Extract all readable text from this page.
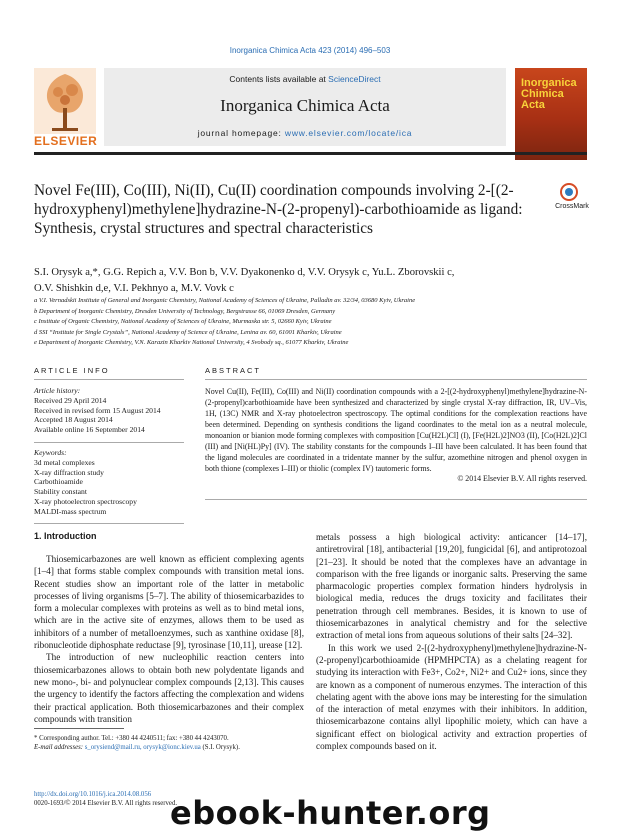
Inorganica Chimica Acta 423 (2014) 496–503
ELSEVIER
Contents lists available at ScienceDirect
Inorganica Chimica Acta
journal homepage: www.elsevier.com/locate/ica
Inorganica Chimica Acta
Novel Fe(III), Co(III), Ni(II), Cu(II) coordination compounds involving 2-[(2-hydroxyphenyl)methylene]hydrazine-N-(2-propenyl)-carbothioamide as ligand: Synthesis, crystal structures and spectral characteristics
CrossMark
S.I. Orysyk a,*, G.G. Repich a, V.V. Bon b, V.V. Dyakonenko d, V.V. Orysyk c, Yu.L. Zborovskii c,
O.V. Shishkin d,e, V.I. Pekhnyo a, M.V. Vovk c
a V.I. Vernadskii Institute of General and Inorganic Chemistry, National Academy of Sciences of Ukraine, Palladin av. 32/34, 03680 Kyiv, Ukraine
b Department of Inorganic Chemistry, Dresden University of Technology, Bergstrasse 66, 01069 Dresden, Germany
c Institute of Organic Chemistry, National Academy of Sciences of Ukraine, Murmaska str. 5, 02660 Kyiv, Ukraine
d SSI “Institute for Single Crystals”, National Academy of Science of Ukraine, Lenina av. 60, 61001 Kharkiv, Ukraine
e Department of Inorganic Chemistry, V.N. Karazin Kharkiv National University, 4 Svobody sq., 61077 Kharkiv, Ukraine
ARTICLE INFO
Article history:
Received 29 April 2014
Received in revised form 15 August 2014
Accepted 18 August 2014
Available online 16 September 2014
Keywords:
3d metal complexes
X-ray diffraction study
Carbothioamide
Stability constant
X-ray photoelectron spectroscopy
MALDI-mass spectrum
ABSTRACT
Novel Cu(II), Fe(III), Co(III) and Ni(II) coordination compounds with a 2-[(2-hydroxyphenyl)methylene]hydrazine-N-(2-propenyl)carbothioamide have been synthesized and characterized by single crystal X-ray diffraction, IR, UV–Vis, 1H, (13C) NMR and X-ray photoelectron spectroscopy. The optimal conditions for the complexation reactions have been determined. Depending on synthesis conditions the ligand coordinates to the metal ion as a neutral molecule, monoanion or bianion mode forming complexes with composition [Cu(H2L)Cl] (I), [Fe(H2L)2]NO3 (II), [Co(H2L)2]Cl (III) and [Ni(HL)Py] (IV). The stability constants for the compounds I–III have been calculated. It has been found that the ligand molecules are coordinated in a tridentate manner by the sulfur, azomethine nitrogen and phenol oxygen in both thione (complexes I–III) or thiolic (complex IV) tautomeric forms.
© 2014 Elsevier B.V. All rights reserved.
1. Introduction

Thiosemicarbazones are well known as efficient complexing agents [1–4] that forms stable complex compounds with transition metal ions. Recent studies show an important role of the latter in metabolic processes of living organisms [5–7]. The ability of thiosemicarbazides to form a molecular complexes with proteins as well as to bind metal ions, which are in the active site of enzymes, allows them to be used as inhibitors of a number of metalloenzymes, such as xanthine oxidase [8], ribonucleotide diphosphate reductase [9], tyrosinase [10,11], urease [12].

The introduction of new nucleophilic reaction centers into thiosemicarbazones allows to obtain both new polydentate ligands and new mono-, bi- and polynuclear complex compounds [2,13]. This causes the urgency to identify the factors affecting the complexation and widens their practical application. Both thiosemicarbazones and their complex compounds with transition

metals possess a high biological activity: anticancer [14–17], antiretroviral [18], antibacterial [19,20], fungicidal [6], and antiprotozoal [21–23]. It should be noted that the complexes have an advantage in comparison with the free ligands or inorganic salts. Preserving the same pharmacologic properties complex formation hinders hydrolysis in biological media, reduces the drugs toxicity and facilitates their penetration through cell membranes. Besides, it is known to use of thiosemicarbazones in analytical chemistry and for the selective extraction of metal ions from aqueous solutions of their salts [24–32].

In this work we used 2-[(2-hydroxyphenyl)methylene]hydrazine-N-(2-propenyl)carbothioamide (HPMHPCTA) as a chelating reagent for studying its interaction with Fe3+, Co2+, Ni2+ and Cu2+ ions, since they are known as a component of numerous enzymes. The interaction of this chelating agent with the above ions may be interesting for the simulation of the interaction of metal enzymes with their inhibitors. In addition, thiosemicarbazone contains allyl lipophilic moiety, which can have a significant effect on biological activity and extraction properties of complex compounds based on it.

* Corresponding author. Tel.: +380 44 4240511; fax: +380 44 4243070.
E-mail addresses: s_orysiend@mail.ru, orysyk@ionc.kiev.ua (S.I. Orysyk).
http://dx.doi.org/10.1016/j.ica.2014.08.056
0020-1693/© 2014 Elsevier B.V. All rights reserved.
ebook-hunter.org
